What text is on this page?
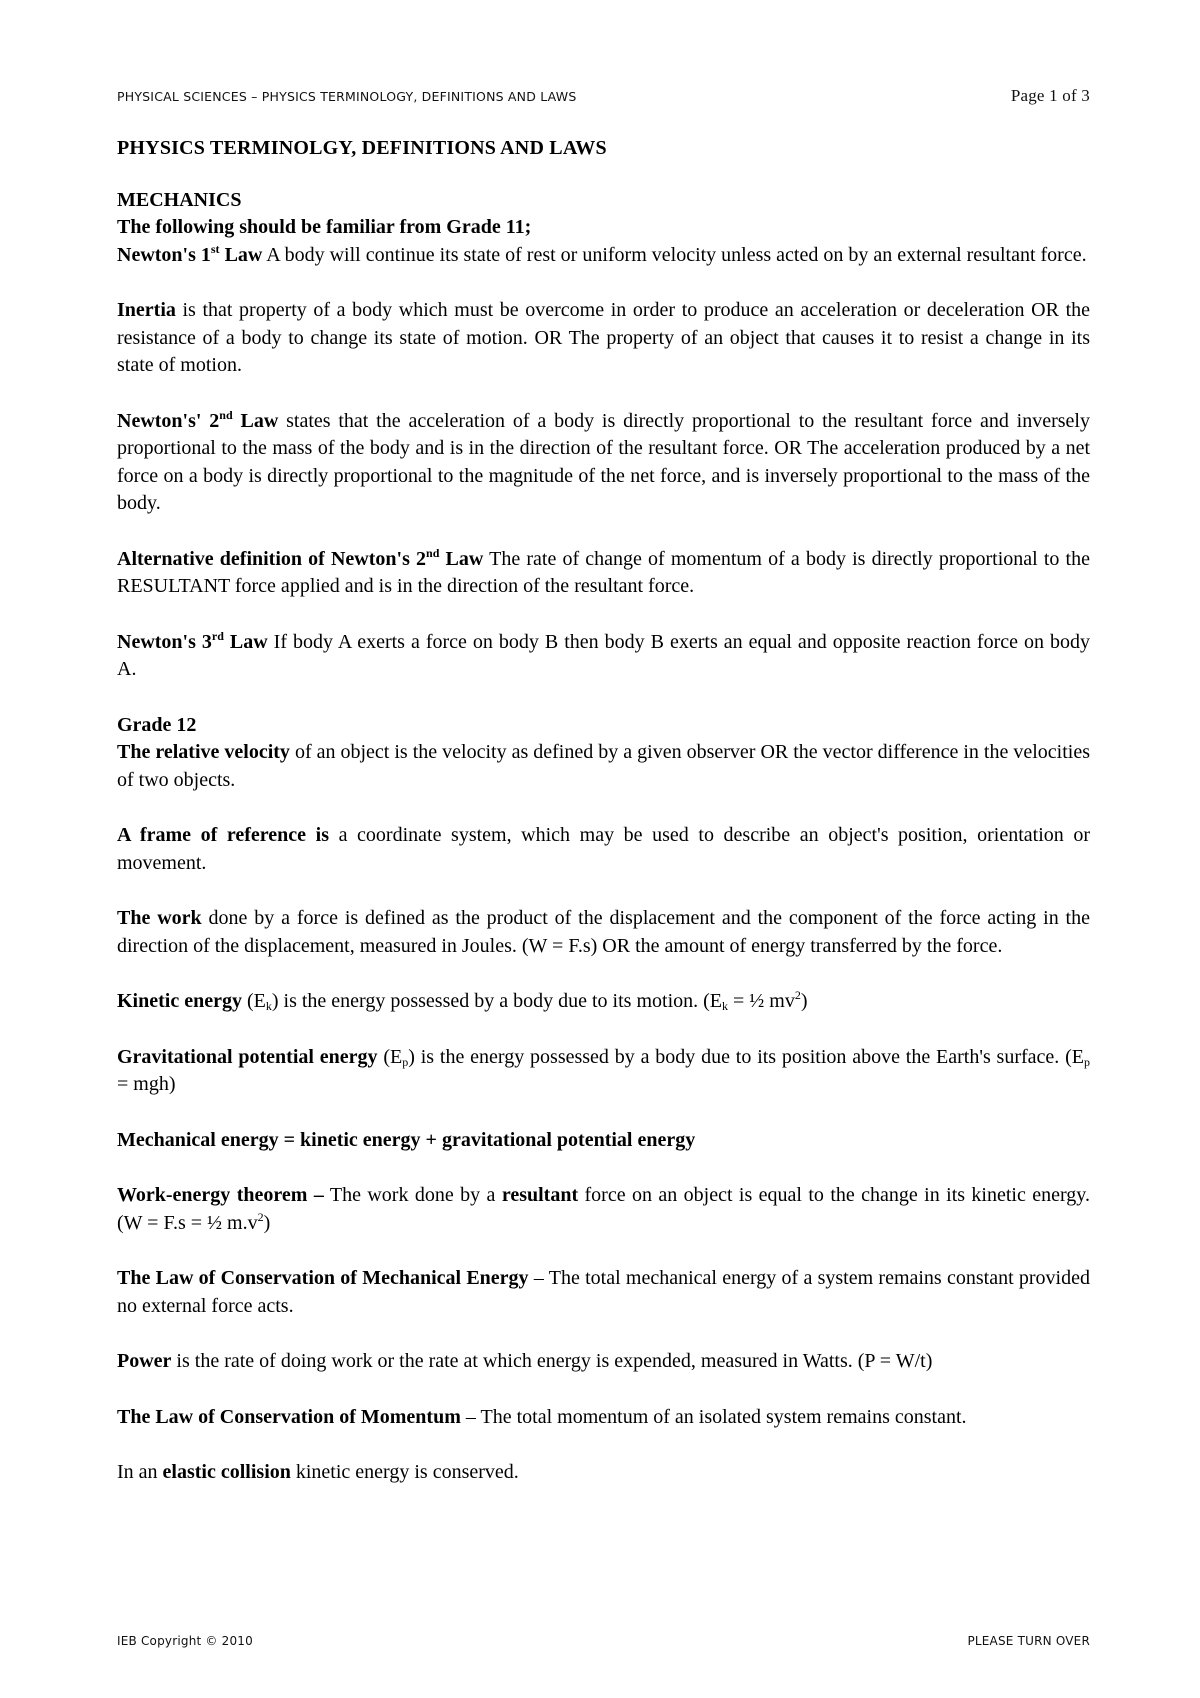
PHYSICAL SCIENCES – PHYSICS TERMINOLOGY, DEFINITIONS AND LAWS	Page 1 of 3
PHYSICS TERMINOLGY, DEFINITIONS AND LAWS
MECHANICS
The following should be familiar from Grade 11;

Newton's 1st Law A body will continue its state of rest or uniform velocity unless acted on by an external resultant force.

Inertia is that property of a body which must be overcome in order to produce an acceleration or deceleration OR the resistance of a body to change its state of motion. OR The property of an object that causes it to resist a change in its state of motion.

Newton's' 2nd Law states that the acceleration of a body is directly proportional to the resultant force and inversely proportional to the mass of the body and is in the direction of the resultant force. OR The acceleration produced by a net force on a body is directly proportional to the magnitude of the net force, and is inversely proportional to the mass of the body.

Alternative definition of Newton's 2nd Law The rate of change of momentum of a body is directly proportional to the RESULTANT force applied and is in the direction of the resultant force.

Newton's 3rd Law If body A exerts a force on body B then body B exerts an equal and opposite reaction force on body A.

Grade 12

The relative velocity of an object is the velocity as defined by a given observer OR the vector difference in the velocities of two objects.

A frame of reference is a coordinate system, which may be used to describe an object's position, orientation or movement.

The work done by a force is defined as the product of the displacement and the component of the force acting in the direction of the displacement, measured in Joules. (W = F.s) OR the amount of energy transferred by the force.

Kinetic energy $(E_k)$ is the energy possessed by a body due to its motion. ($E_k$ = ½ $mv^2$)

Gravitational potential energy $(E_p)$ is the energy possessed by a body due to its position above the Earth's surface. $(E_p = mgh)$

Mechanical energy = kinetic energy + gravitational potential energy

Work-energy theorem – The work done by a resultant force on an object is equal to the change in its kinetic energy. (W = F.s = ½ $m.v^2$)

The Law of Conservation of Mechanical Energy – The total mechanical energy of a system remains constant provided no external force acts.

Power is the rate of doing work or the rate at which energy is expended, measured in Watts. (P = W/t)

The Law of Conservation of Momentum – The total momentum of an isolated system remains constant.

In an elastic collision kinetic energy is conserved.

IEB Copyright © 2010	PLEASE TURN OVER
